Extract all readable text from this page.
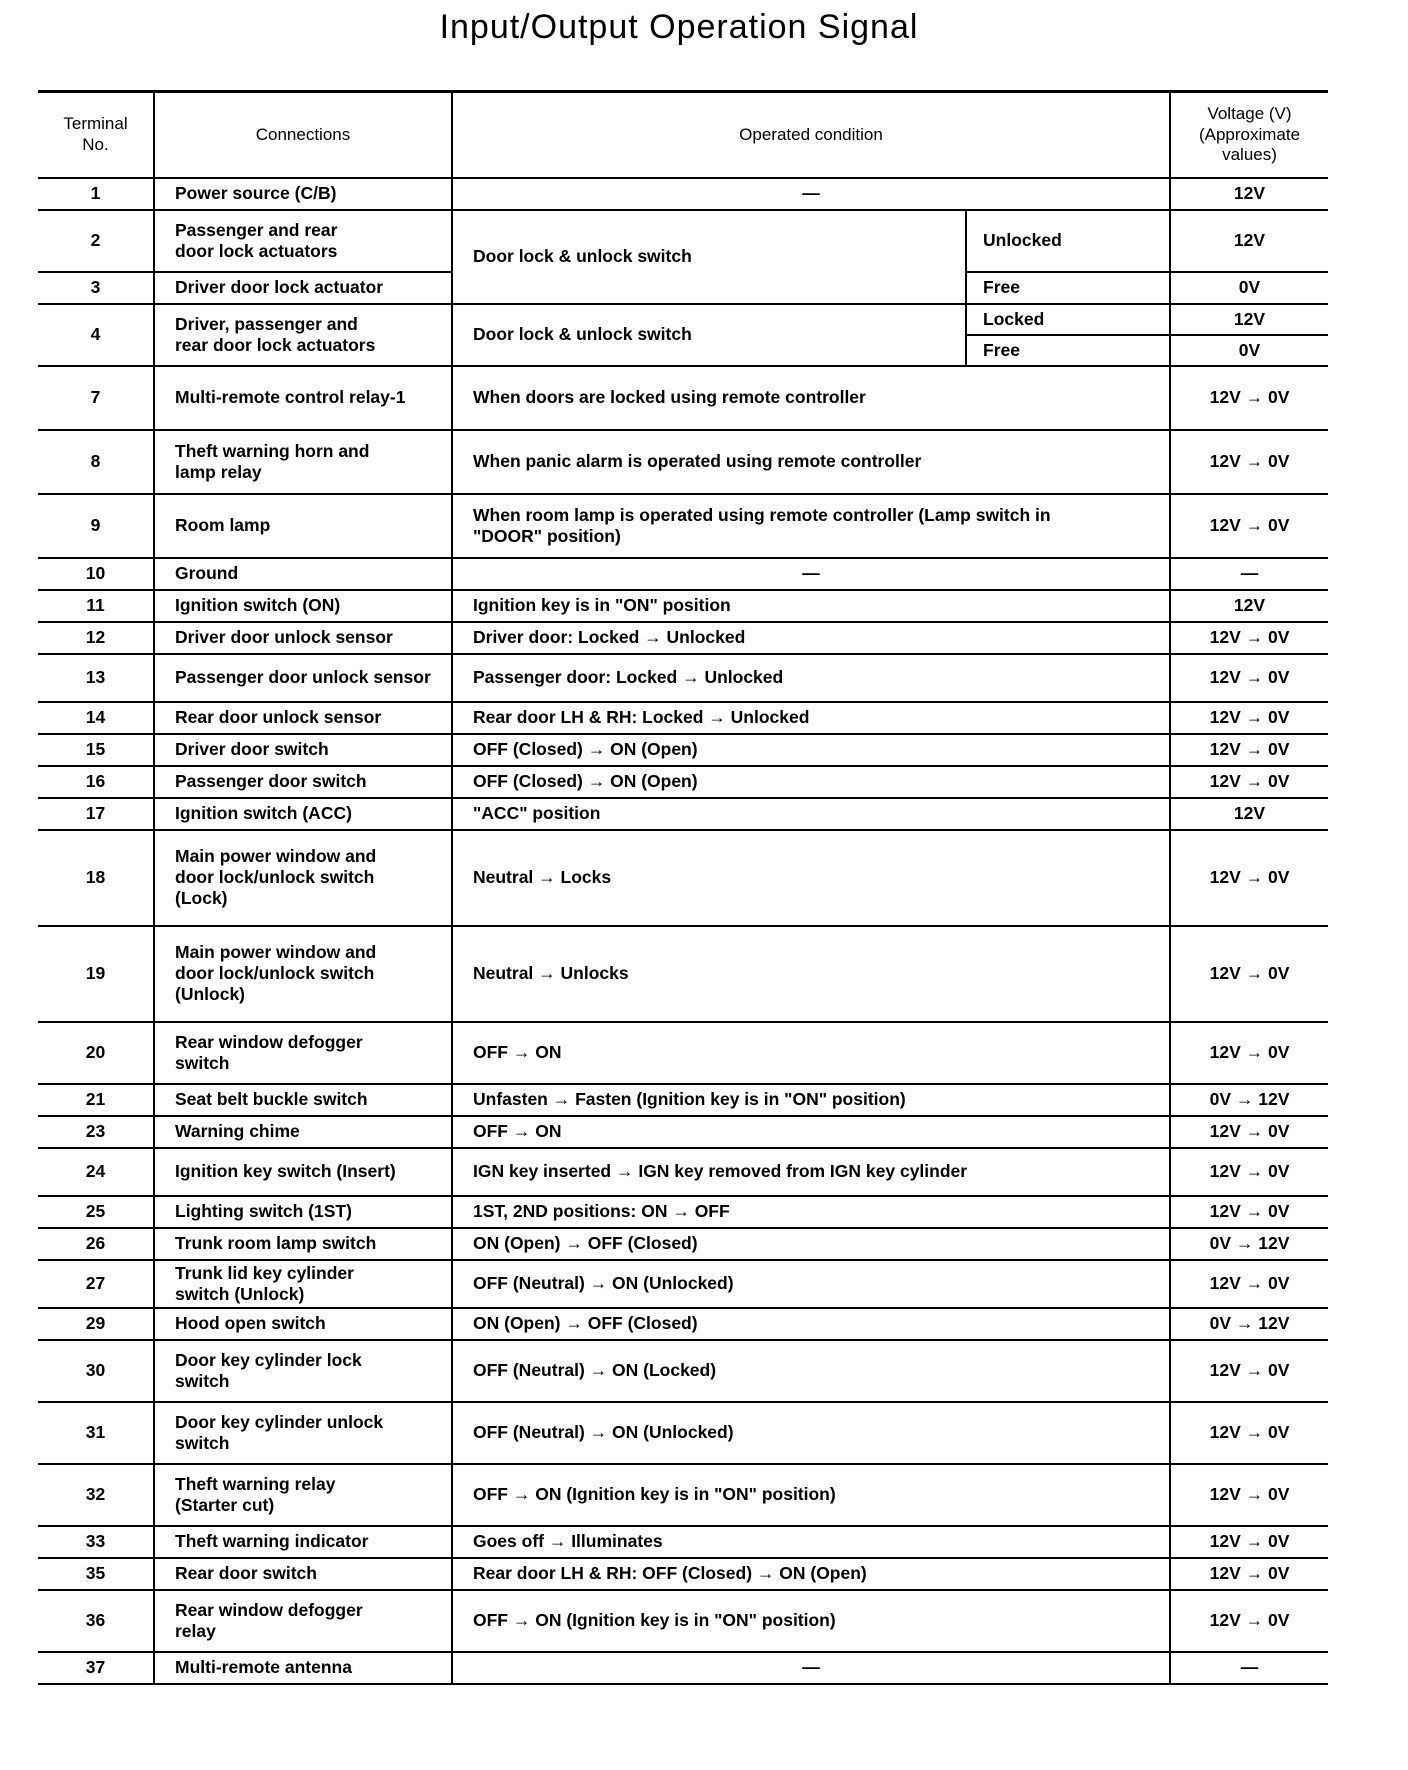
Input/Output Operation Signal
Terminal
No.	Connections	Operated condition		Voltage (V)
(Approximate
values)
1	Power source (C/B)	—		12V
2	Passenger and rear
door lock actuators	Door lock & unlock switch	Unlocked	12V
3	Driver door lock actuator		Free	0V
4	Driver, passenger and
rear door lock actuators	Door lock & unlock switch	Locked	12V
			Free	0V
7	Multi-remote control relay-1	When doors are locked using remote controller		12V → 0V
8	Theft warning horn and
lamp relay	When panic alarm is operated using remote controller		12V → 0V
9	Room lamp	When room lamp is operated using remote controller (Lamp switch in
"DOOR" position)		12V → 0V
10	Ground	—		—
11	Ignition switch (ON)	Ignition key is in "ON" position		12V
12	Driver door unlock sensor	Driver door: Locked → Unlocked		12V → 0V
13	Passenger door unlock sensor	Passenger door: Locked → Unlocked		12V → 0V
14	Rear door unlock sensor	Rear door LH & RH: Locked → Unlocked		12V → 0V
15	Driver door switch	OFF (Closed) → ON (Open)		12V → 0V
16	Passenger door switch	OFF (Closed) → ON (Open)		12V → 0V
17	Ignition switch (ACC)	"ACC" position		12V
18	Main power window and
door lock/unlock switch
(Lock)	Neutral → Locks		12V → 0V
19	Main power window and
door lock/unlock switch
(Unlock)	Neutral → Unlocks		12V → 0V
20	Rear window defogger
switch	OFF → ON		12V → 0V
21	Seat belt buckle switch	Unfasten → Fasten (Ignition key is in "ON" position)		0V → 12V
23	Warning chime	OFF → ON		12V → 0V
24	Ignition key switch (Insert)	IGN key inserted → IGN key removed from IGN key cylinder		12V → 0V
25	Lighting switch (1ST)	1ST, 2ND positions: ON → OFF		12V → 0V
26	Trunk room lamp switch	ON (Open) → OFF (Closed)		0V → 12V
27	Trunk lid key cylinder
switch (Unlock)	OFF (Neutral) → ON (Unlocked)		12V → 0V
29	Hood open switch	ON (Open) → OFF (Closed)		0V → 12V
30	Door key cylinder lock
switch	OFF (Neutral) → ON (Locked)		12V → 0V
31	Door key cylinder unlock
switch	OFF (Neutral) → ON (Unlocked)		12V → 0V
32	Theft warning relay
(Starter cut)	OFF → ON (Ignition key is in "ON" position)		12V → 0V
33	Theft warning indicator	Goes off → Illuminates		12V → 0V
35	Rear door switch	Rear door LH & RH: OFF (Closed) → ON (Open)		12V → 0V
36	Rear window defogger
relay	OFF → ON (Ignition key is in "ON" position)		12V → 0V
37	Multi-remote antenna	—		—
